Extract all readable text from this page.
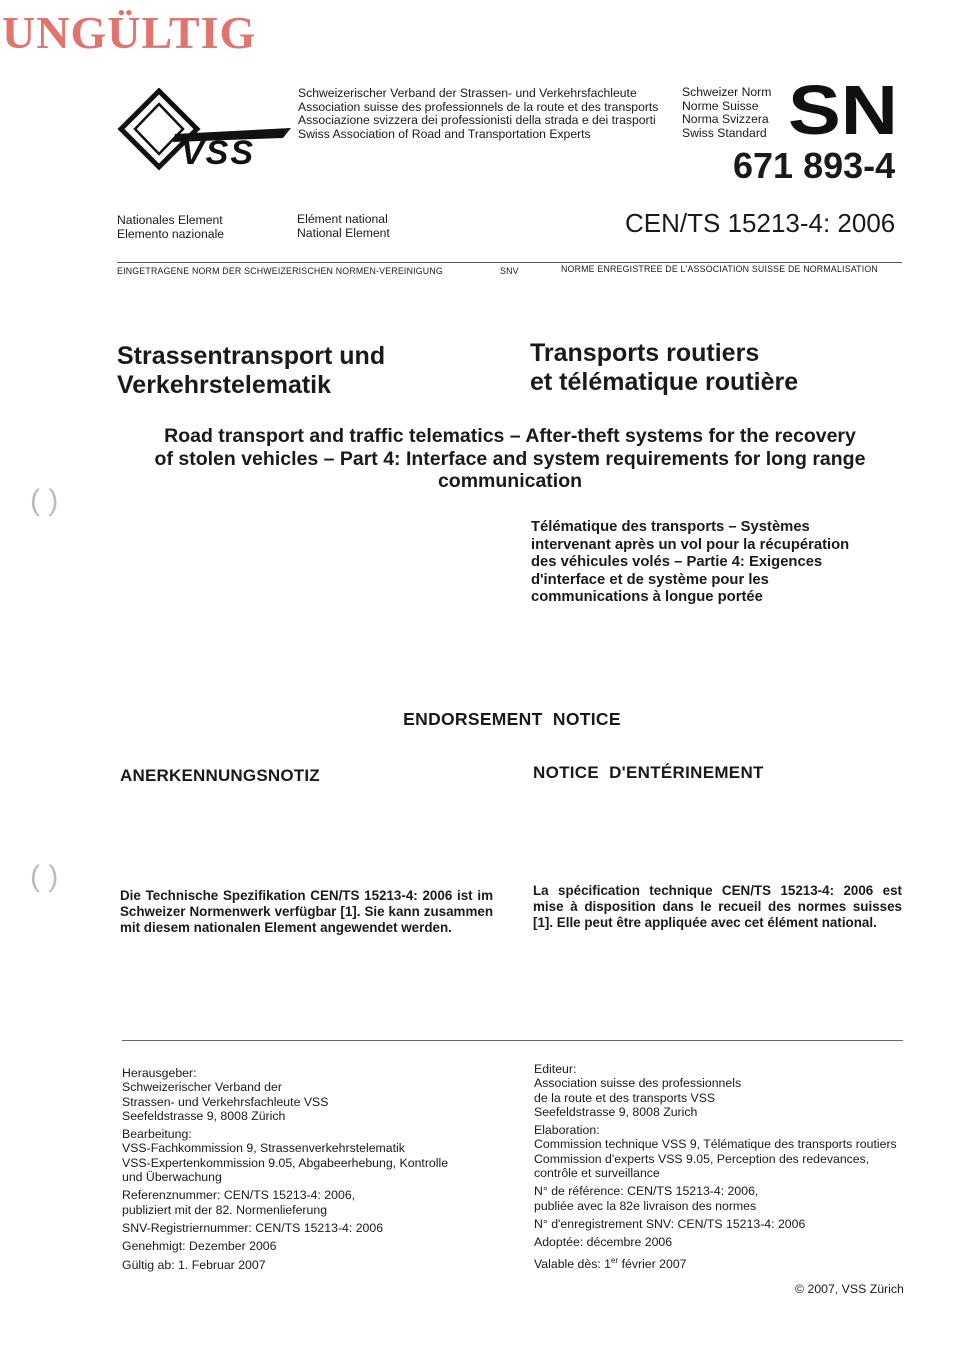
UNGÜLTIG
VSS
Schweizerischer Verband der Strassen- und Verkehrsfachleute
Association suisse des professionnels de la route et des transports
Associazione svizzera dei professionisti della strada e dei trasporti
Swiss Association of Road and Transportation Experts
Schweizer Norm
Norme Suisse
Norma Svizzera
Swiss Standard SN
671 893-4
CEN/TS 15213-4: 2006
Nationales Element
Elemento nazionale
Elément national
National Element
EINGETRAGENE NORM DER SCHWEIZERISCHEN NORMEN-VEREINIGUNG	SNV	NORME ENREGISTREE DE L'ASSOCIATION SUISSE DE NORMALISATION
Strassentransport und
Verkehrstelematik
Transports routiers
et télématique routière
Road transport and traffic telematics – After-theft systems for the recovery
of stolen vehicles – Part 4: Interface and system requirements for long range
communication
Télématique des transports – Systèmes
intervenant après un vol pour la récupération
des véhicules volés – Partie 4: Exigences
d'interface et de système pour les
communications à longue portée
( )
( )
ENDORSEMENT  NOTICE
ANERKENNUNGSNOTIZ	NOTICE  D'ENTÉRINEMENT
Die Technische Spezifikation CEN/TS 15213-4: 2006 ist im Schweizer Normenwerk verfügbar [1]. Sie kann zusammen mit diesem nationalen Element angewendet werden.
La spécification technique CEN/TS 15213-4: 2006 est mise à disposition dans le recueil des normes suisses [1]. Elle peut être appliquée avec cet élément national.

Herausgeber:

Schweizerischer Verband der

Strassen- und Verkehrsfachleute VSS

Seefeldstrasse 9, 8008 Zürich

Bearbeitung:

VSS-Fachkommission 9, Strassenverkehrstelematik

VSS-Expertenkommission 9.05, Abgabeerhebung, Kontrolle

und Überwachung

Referenznummer: CEN/TS 15213-4: 2006,

publiziert mit der 82. Normenlieferung

SNV-Registriernummer: CEN/TS 15213-4: 2006

Genehmigt: Dezember 2006

Gültig ab: 1. Februar 2007

Editeur:

Association suisse des professionnels

de la route et des transports VSS

Seefeldstrasse 9, 8008 Zurich

Elaboration:

Commission technique VSS 9, Télématique des transports routiers

Commission d'experts VSS 9.05, Perception des redevances,

contrôle et surveillance

N° de référence: CEN/TS 15213-4: 2006,

publiée avec la 82e livraison des normes

N° d'enregistrement SNV: CEN/TS 15213-4: 2006

Adoptée: décembre 2006

Valable dès: 1er février 2007

© 2007, VSS Zürich
